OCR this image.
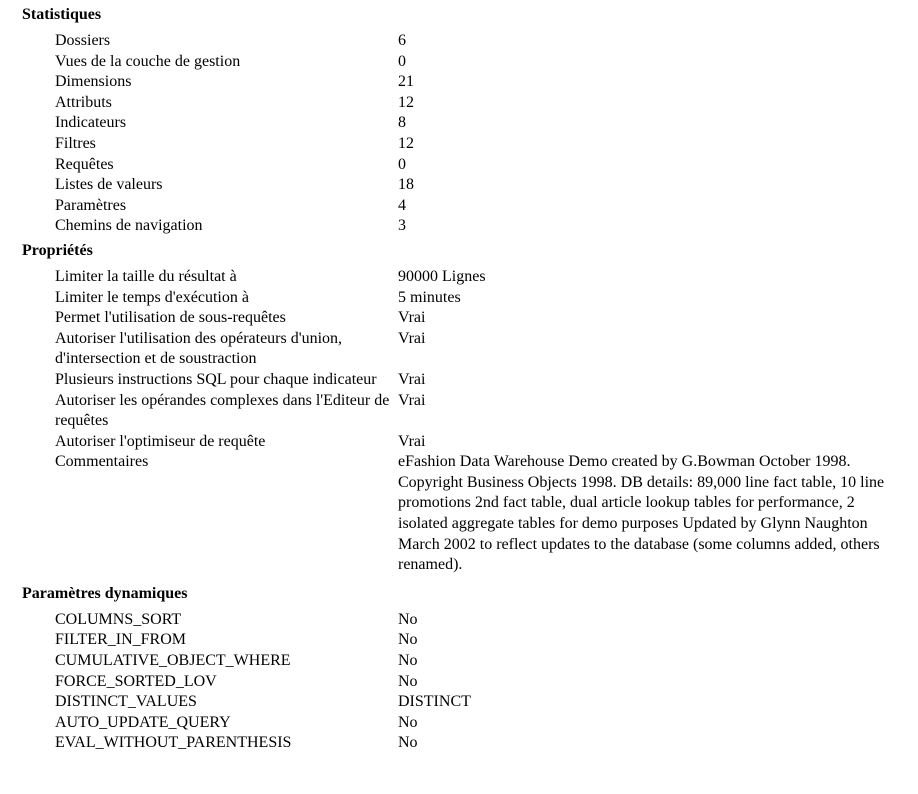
Statistiques
Dossiers	6
Vues de la couche de gestion	0
Dimensions	21
Attributs	12
Indicateurs	8
Filtres	12
Requêtes	0
Listes de valeurs	18
Paramètres	4
Chemins de navigation	3
Propriétés
Limiter la taille du résultat à	90000 Lignes
Limiter le temps d'exécution à	5 minutes
Permet l'utilisation de sous-requêtes	Vrai
Autoriser l'utilisation des opérateurs d'union, d'intersection et de soustraction	Vrai
Plusieurs instructions SQL pour chaque indicateur	Vrai
Autoriser les opérandes complexes dans l'Editeur de requêtes	Vrai
Autoriser l'optimiseur de requête	Vrai
Commentaires	eFashion Data Warehouse Demo created by G.Bowman October 1998. Copyright Business Objects 1998. DB details: 89,000 line fact table, 10 line promotions 2nd fact table, dual article lookup tables for performance, 2 isolated aggregate tables for demo purposes Updated by Glynn Naughton March 2002 to reflect updates to the database (some columns added, others renamed).
Paramètres dynamiques
COLUMNS_SORT	No
FILTER_IN_FROM	No
CUMULATIVE_OBJECT_WHERE	No
FORCE_SORTED_LOV	No
DISTINCT_VALUES	DISTINCT
AUTO_UPDATE_QUERY	No
EVAL_WITHOUT_PARENTHESIS	No
